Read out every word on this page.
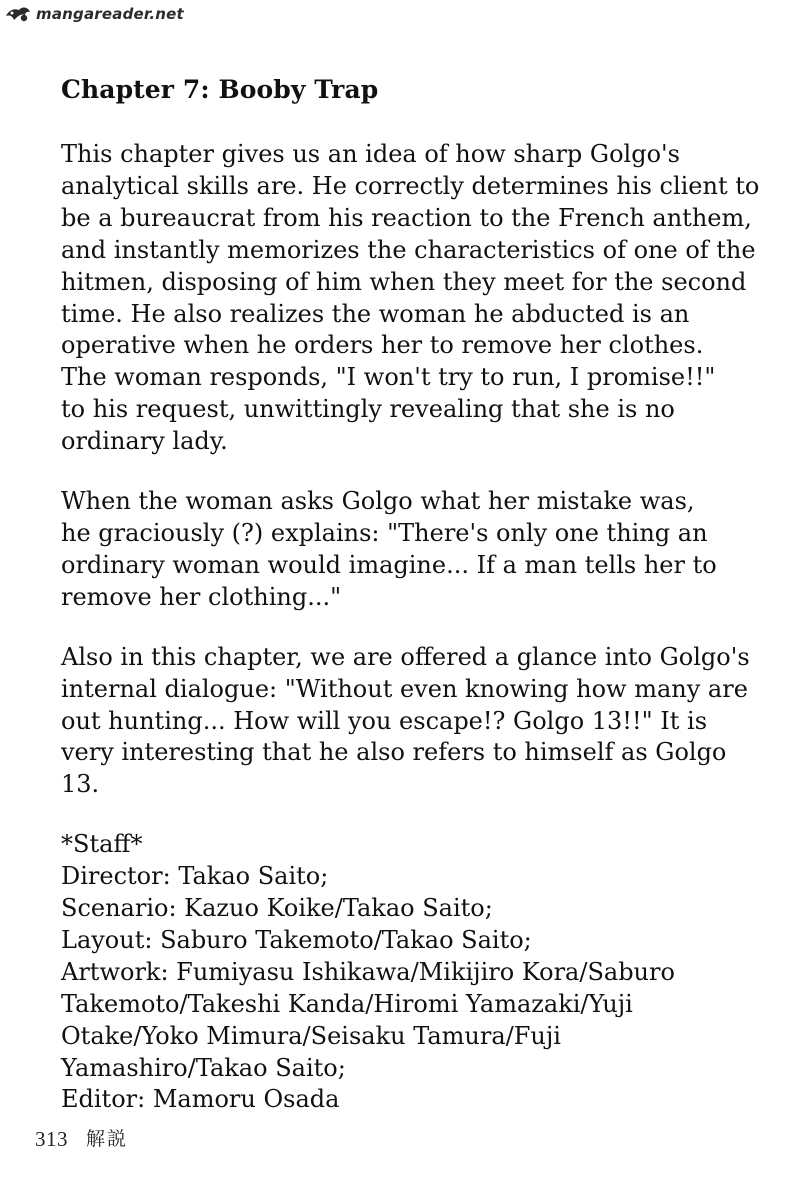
mangareader.net
Chapter 7: Booby Trap

This chapter gives us an idea of how sharp Golgo's
analytical skills are. He correctly determines his client to
be a bureaucrat from his reaction to the French anthem,
and instantly memorizes the characteristics of one of the
hitmen, disposing of him when they meet for the second
time. He also realizes the woman he abducted is an
operative when he orders her to remove her clothes.
The woman responds, "I won't try to run, I promise!!"
to his request, unwittingly revealing that she is no
ordinary lady.

When the woman asks Golgo what her mistake was,
he graciously (?) explains: "There's only one thing an
ordinary woman would imagine... If a man tells her to
remove her clothing..."

Also in this chapter, we are offered a glance into Golgo's
internal dialogue: "Without even knowing how many are
out hunting... How will you escape!? Golgo 13!!" It is
very interesting that he also refers to himself as Golgo 13.

*Staff*
Director: Takao Saito;
Scenario: Kazuo Koike/Takao Saito;
Layout: Saburo Takemoto/Takao Saito;
Artwork: Fumiyasu Ishikawa/Mikijiro Kora/Saburo
Takemoto/Takeshi Kanda/Hiromi Yamazaki/Yuji
Otake/Yoko Mimura/Seisaku Tamura/Fuji
Yamashiro/Takao Saito;
Editor: Mamoru Osada
313 解説
